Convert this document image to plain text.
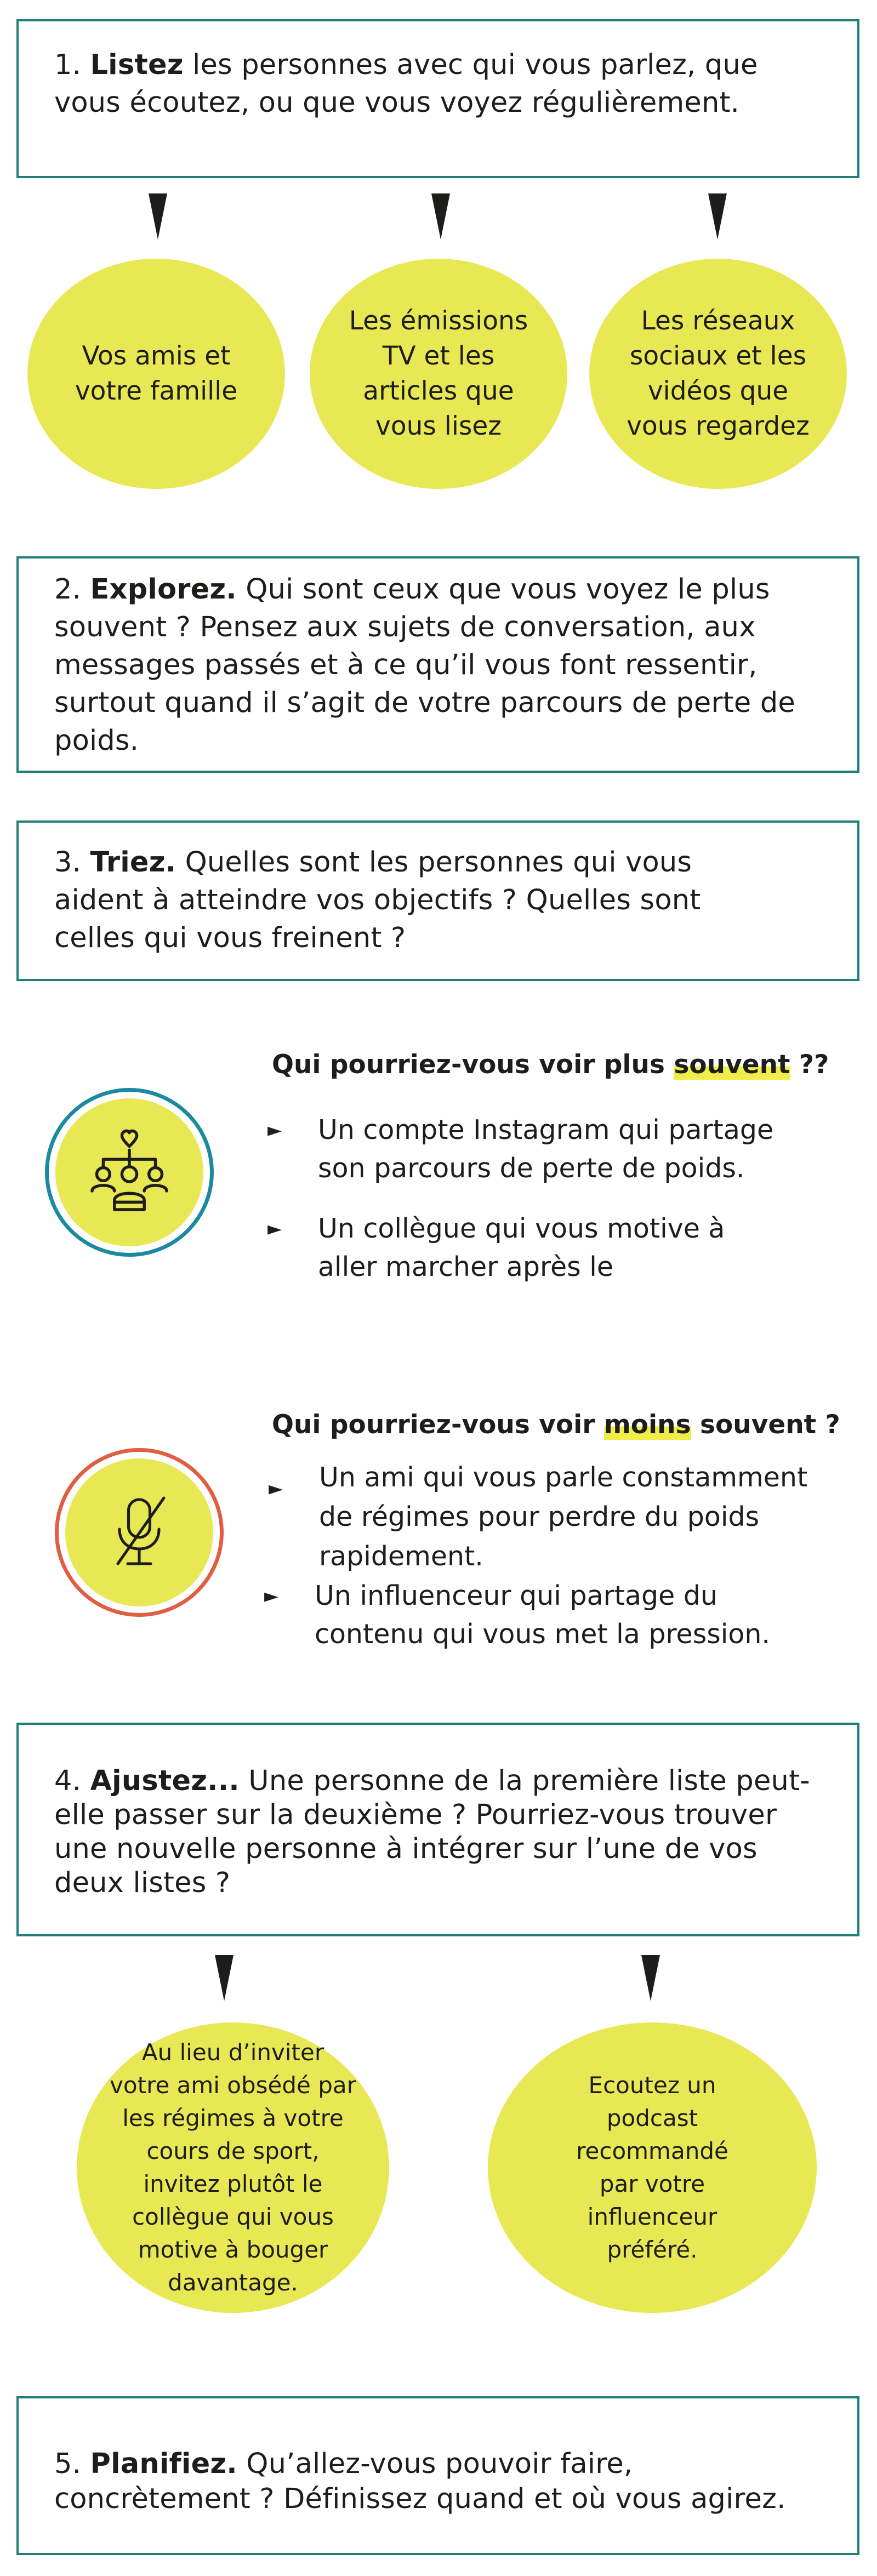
1. Listez les personnes avec qui vous parlez, que vous écoutez, ou que vous voyez régulièrement.
Vos amis et votre famille
Les émissions TV et les articles que vous lisez
Les réseaux sociaux et les vidéos que vous regardez
2. Explorez. Qui sont ceux que vous voyez le plus souvent ? Pensez aux sujets de conversation, aux messages passés et à ce qu’il vous font ressentir, surtout quand il s’agit de votre parcours de perte de poids.
3. Triez. Quelles sont les personnes qui vous aident à atteindre vos objectifs ? Quelles sont celles qui vous freinent ?
Qui pourriez-vous voir plus souvent ??
► Un compte Instagram qui partage son parcours de perte de poids.
► Un collègue qui vous motive à aller marcher après le
Qui pourriez-vous voir moins souvent ?
► Un ami qui vous parle constamment de régimes pour perdre du poids rapidement.
► Un influenceur qui partage du contenu qui vous met la pression.
4. Ajustez... Une personne de la première liste peut-elle passer sur la deuxième ? Pourriez-vous trouver une nouvelle personne à intégrer sur l’une de vos deux listes ?
Au lieu d’inviter votre ami obsédé par les régimes à votre cours de sport, invitez plutôt le collègue qui vous motive à bouger davantage.
Ecoutez un podcast recommandé par votre influenceur préféré.
5. Planifiez. Qu’allez-vous pouvoir faire, concrètement ? Définissez quand et où vous agirez.
